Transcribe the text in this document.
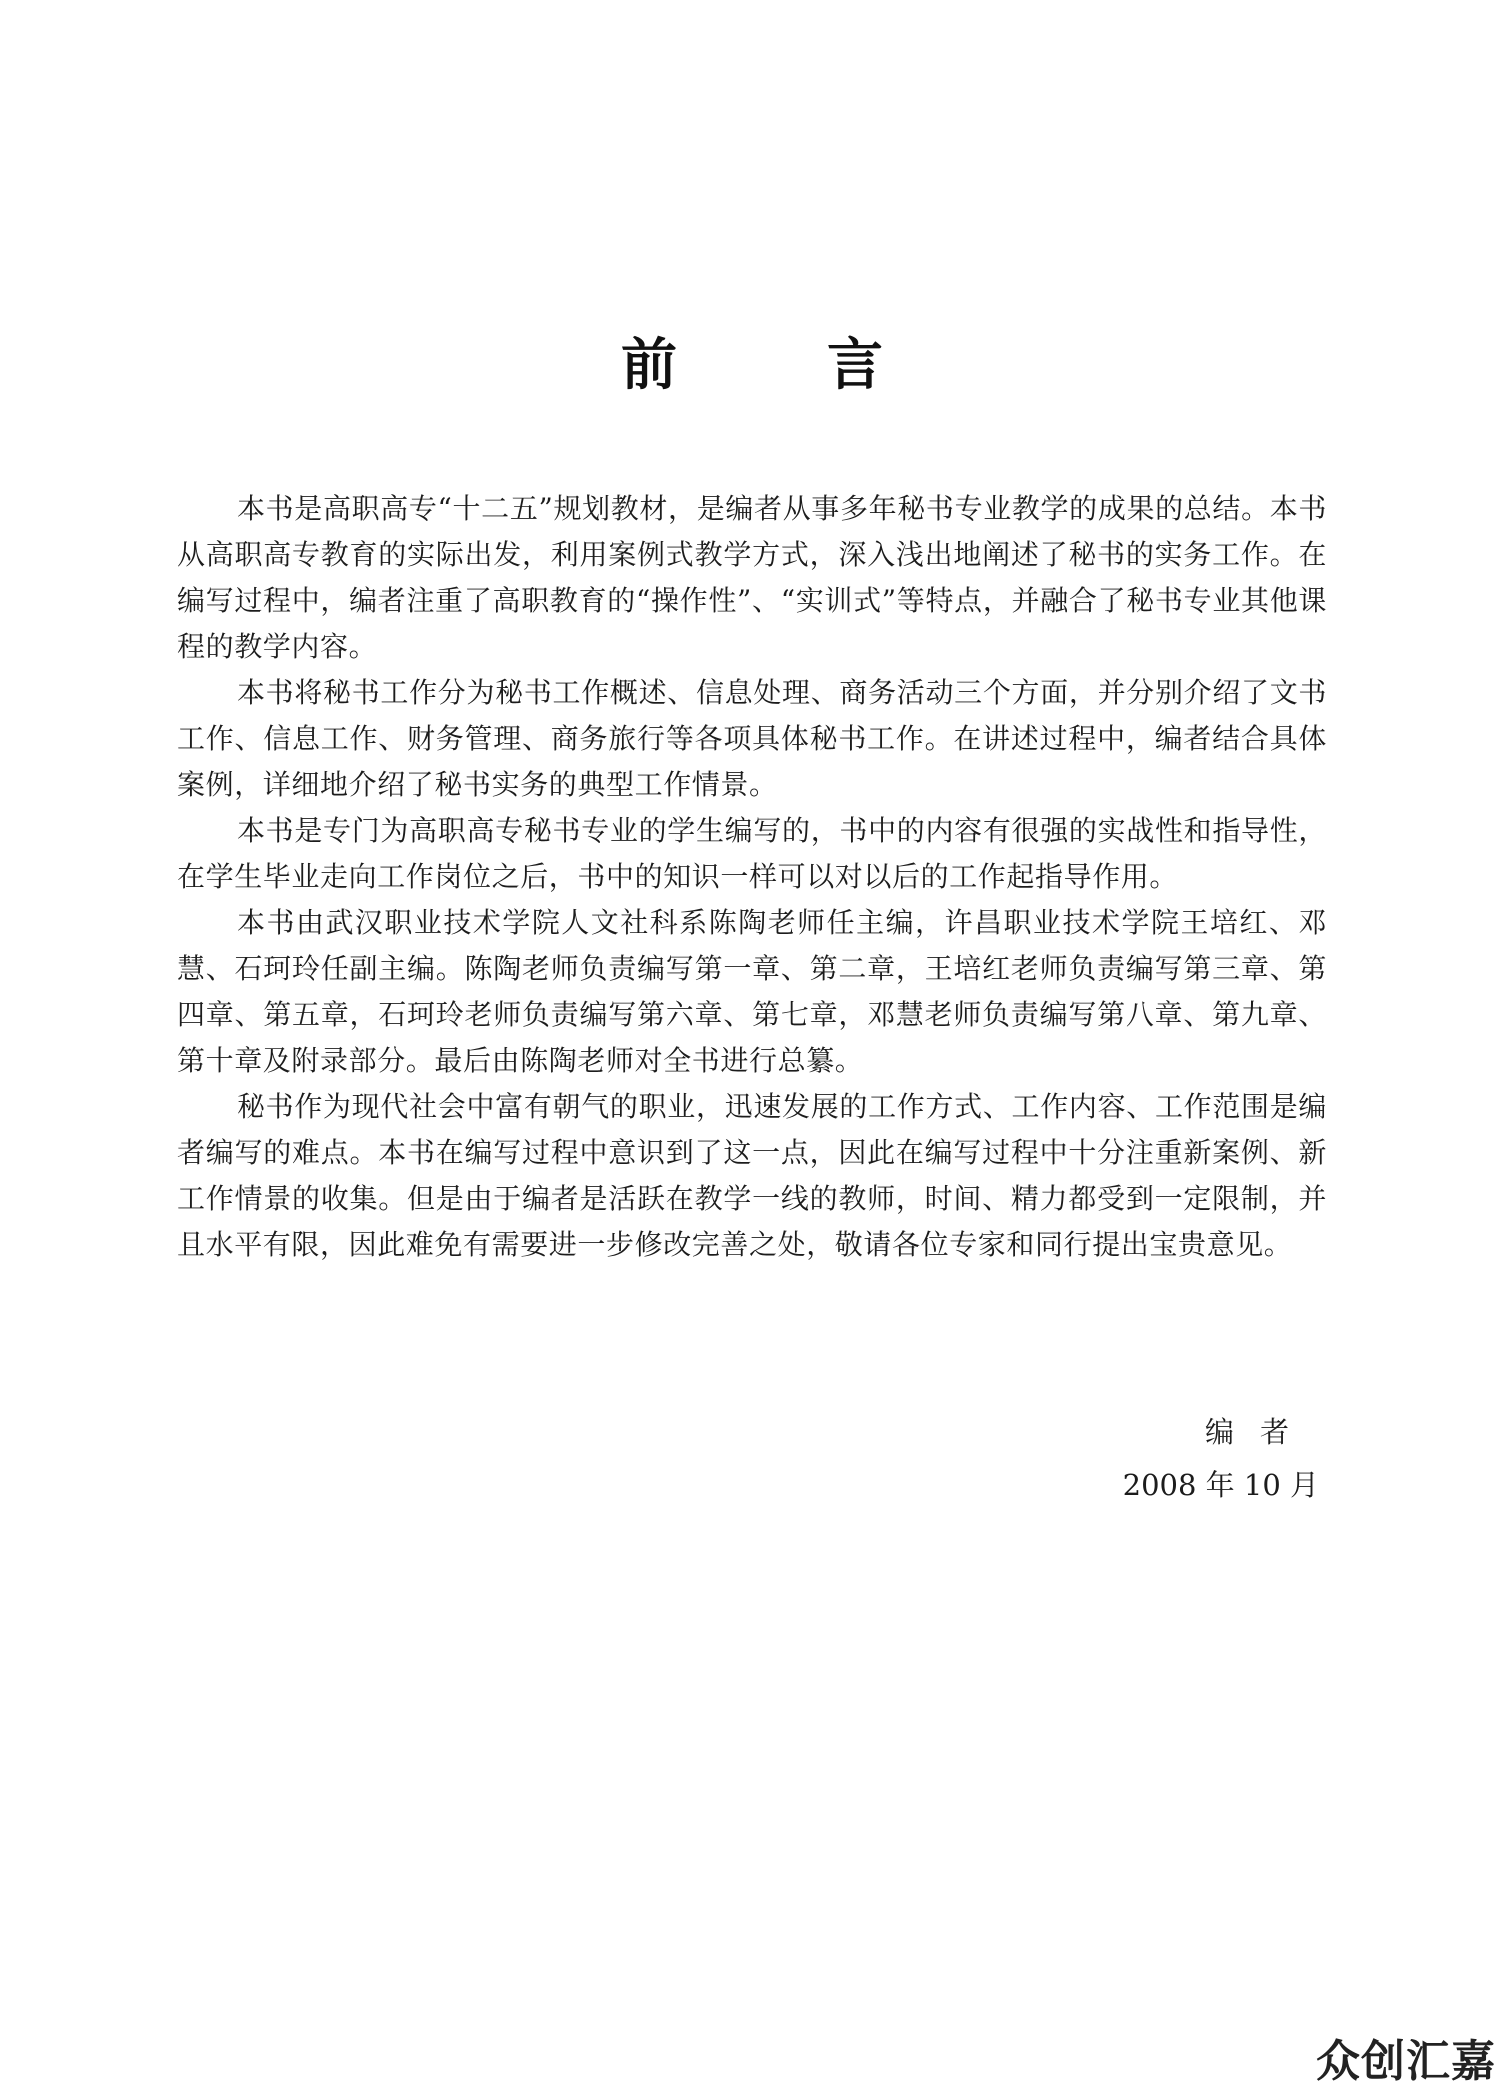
前言

本书是高职高专“十二五”规划教材，是编者从事多年秘书专业教学的成果的总结。本书从高职高专教育的实际出发，利用案例式教学方式，深入浅出地阐述了秘书的实务工作。在编写过程中，编者注重了高职教育的“操作性”、“实训式”等特点，并融合了秘书专业其他课程的教学内容。

本书将秘书工作分为秘书工作概述、信息处理、商务活动三个方面，并分别介绍了文书工作、信息工作、财务管理、商务旅行等各项具体秘书工作。在讲述过程中，编者结合具体案例，详细地介绍了秘书实务的典型工作情景。

本书是专门为高职高专秘书专业的学生编写的，书中的内容有很强的实战性和指导性，在学生毕业走向工作岗位之后，书中的知识一样可以对以后的工作起指导作用。

本书由武汉职业技术学院人文社科系陈陶老师任主编，许昌职业技术学院王培红、邓慧、石珂玲任副主编。陈陶老师负责编写第一章、第二章，王培红老师负责编写第三章、第四章、第五章，石珂玲老师负责编写第六章、第七章，邓慧老师负责编写第八章、第九章、第十章及附录部分。最后由陈陶老师对全书进行总纂。

秘书作为现代社会中富有朝气的职业，迅速发展的工作方式、工作内容、工作范围是编者编写的难点。本书在编写过程中意识到了这一点，因此在编写过程中十分注重新案例、新工作情景的收集。但是由于编者是活跃在教学一线的教师，时间、精力都受到一定限制，并且水平有限，因此难免有需要进一步修改完善之处，敬请各位专家和同行提出宝贵意见。

编者
2008 年 10 月
众创汇嘉
